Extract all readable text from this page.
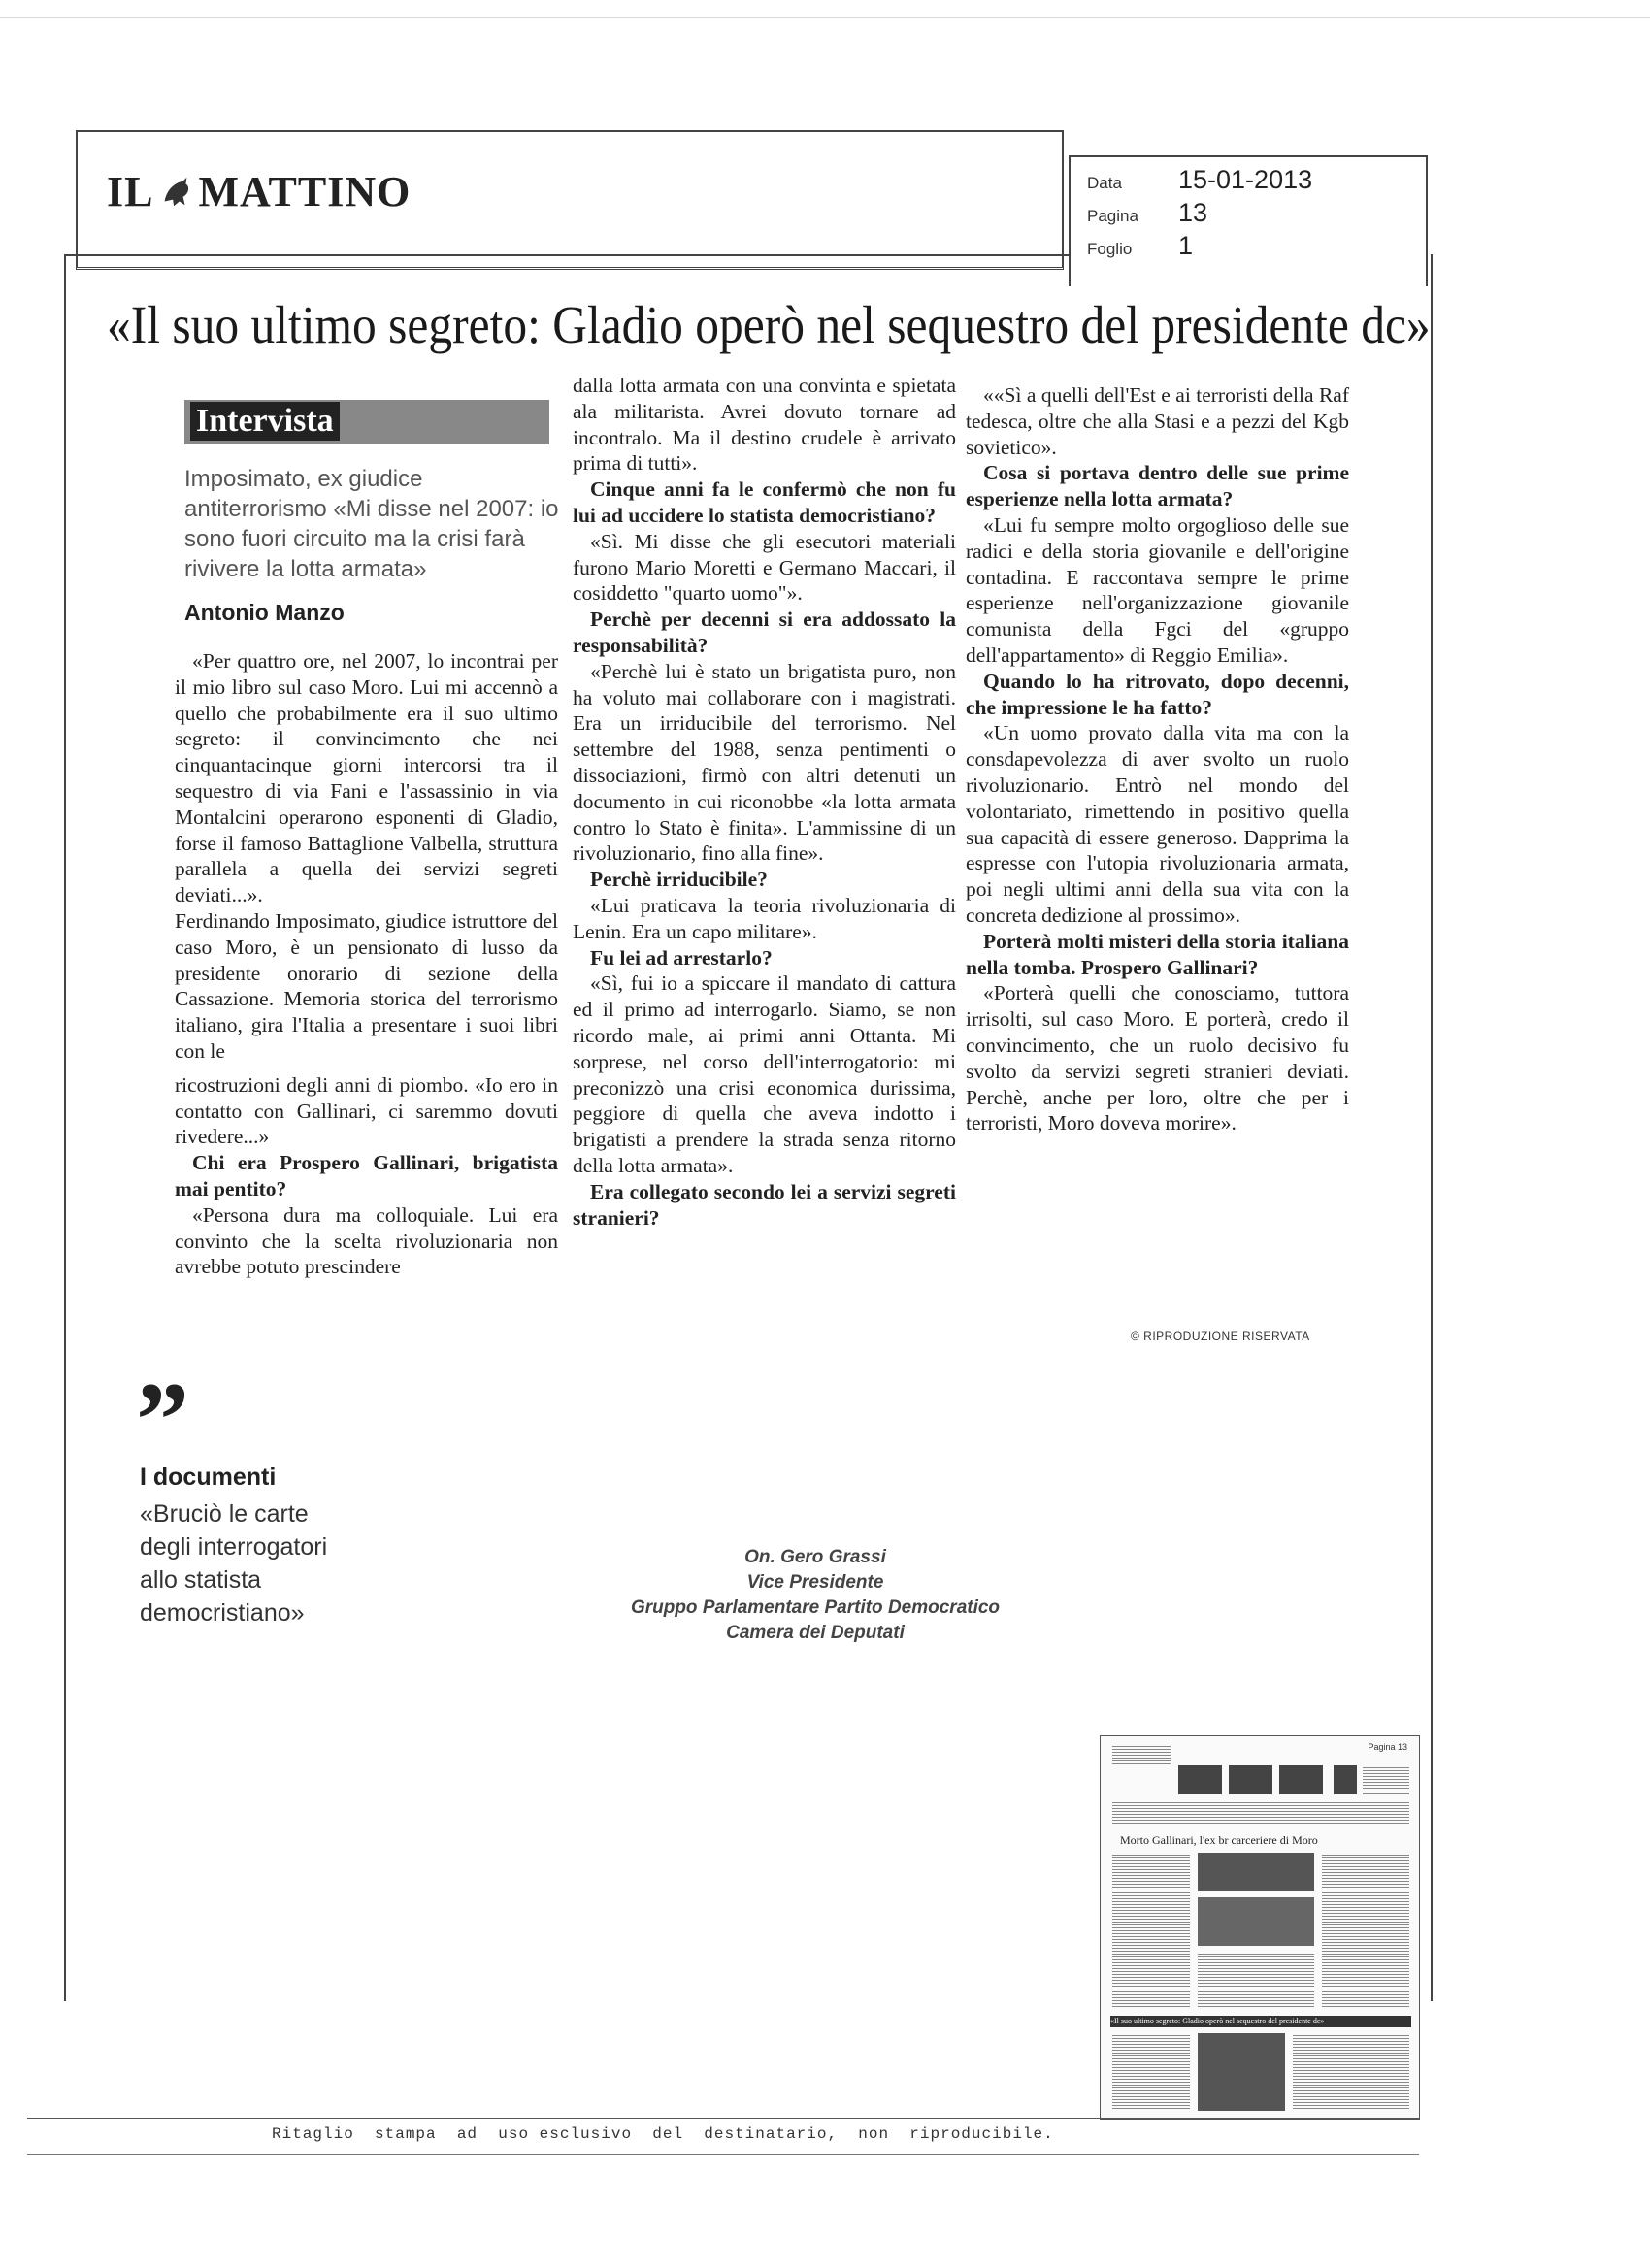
IL MATTINO	Data	15-01-2013
Pagina	13
Foglio	1
«Il suo ultimo segreto: Gladio operò nel sequestro del presidente dc»
Intervista
Imposimato, ex giudice antiterrorismo «Mi disse nel 2007: io sono fuori circuito ma la crisi farà rivivere la lotta armata»
Antonio Manzo

«Per quattro ore, nel 2007, lo incontrai per il mio libro sul caso Moro. Lui mi accennò a quello che probabilmente era il suo ultimo segreto: il convincimento che nei cinquantacinque giorni intercorsi tra il sequestro di via Fani e l'assassinio in via Montalcini operarono esponenti di Gladio, forse il famoso Battaglione Valbella, struttura parallela a quella dei servizi segreti deviati...».

Ferdinando Imposimato, giudice istruttore del caso Moro, è un pensionato di lusso da presidente onorario di sezione della Cassazione. Memoria storica del terrorismo italiano, gira l'Italia a presentare i suoi libri con le

ricostruzioni degli anni di piombo. «Io ero in contatto con Gallinari, ci saremmo dovuti rivedere...»

Chi era Prospero Gallinari, brigatista mai pentito?

«Persona dura ma colloquiale. Lui era convinto che la scelta rivoluzionaria non avrebbe potuto prescindere

dalla lotta armata con una convinta e spietata ala militarista. Avrei dovuto tornare ad incontralo. Ma il destino crudele è arrivato prima di tutti».

Cinque anni fa le confermò che non fu lui ad uccidere lo statista democristiano?

«Sì. Mi disse che gli esecutori materiali furono Mario Moretti e Germano Maccari, il cosiddetto "quarto uomo"».

Perchè per decenni si era addossato la responsabilità?

«Perchè lui è stato un brigatista puro, non ha voluto mai collaborare con i magistrati. Era un irriducibile del terrorismo. Nel settembre del 1988, senza pentimenti o dissociazioni, firmò con altri detenuti un documento in cui riconobbe «la lotta armata contro lo Stato è finita». L'ammissine di un rivoluzionario, fino alla fine».

Perchè irriducibile?

«Lui praticava la teoria rivoluzionaria di Lenin. Era un capo militare».

Fu lei ad arrestarlo?

«Sì, fui io a spiccare il mandato di cattura ed il primo ad interrogarlo. Siamo, se non ricordo male, ai primi anni Ottanta. Mi sorprese, nel corso dell'interrogatorio: mi preconizzò una crisi economica durissima, peggiore di quella che aveva indotto i brigatisti a prendere la strada senza ritorno della lotta armata».

Era collegato secondo lei a servizi segreti stranieri?

««Sì a quelli dell'Est e ai terroristi della Raf tedesca, oltre che alla Stasi e a pezzi del Kgb sovietico».

Cosa si portava dentro delle sue prime esperienze nella lotta armata?

«Lui fu sempre molto orgoglioso delle sue radici e della storia giovanile e dell'origine contadina. E raccontava sempre le prime esperienze nell'organizzazione giovanile comunista della Fgci del «gruppo dell'appartamento» di Reggio Emilia».

Quando lo ha ritrovato, dopo decenni, che impressione le ha fatto?

«Un uomo provato dalla vita ma con la consdapevolezza di aver svolto un ruolo rivoluzionario. Entrò nel mondo del volontariato, rimettendo in positivo quella sua capacità di essere generoso. Dapprima la espresse con l'utopia rivoluzionaria armata, poi negli ultimi anni della sua vita con la concreta dedizione al prossimo».

Porterà molti misteri della storia italiana nella tomba. Prospero Gallinari?

«Porterà quelli che conosciamo, tuttora irrisolti, sul caso Moro. E porterà, credo il convincimento, che un ruolo decisivo fu svolto da servizi segreti stranieri deviati. Perchè, anche per loro, oltre che per i terroristi, Moro doveva morire».

© RIPRODUZIONE RISERVATA
”
I documenti
«Bruciò le carte degli interrogatori allo statista democristiano»
On. Gero Grassi
Vice Presidente
Gruppo Parlamentare Partito Democratico
Camera dei Deputati
Pagina 13
Morto Gallinari, l'ex br carceriere di Moro
«Il suo ultimo segreto: Gladio operò nel sequestro del presidente dc»
Ritaglio  stampa  ad  uso esclusivo  del  destinatario,  non  riproducibile.
